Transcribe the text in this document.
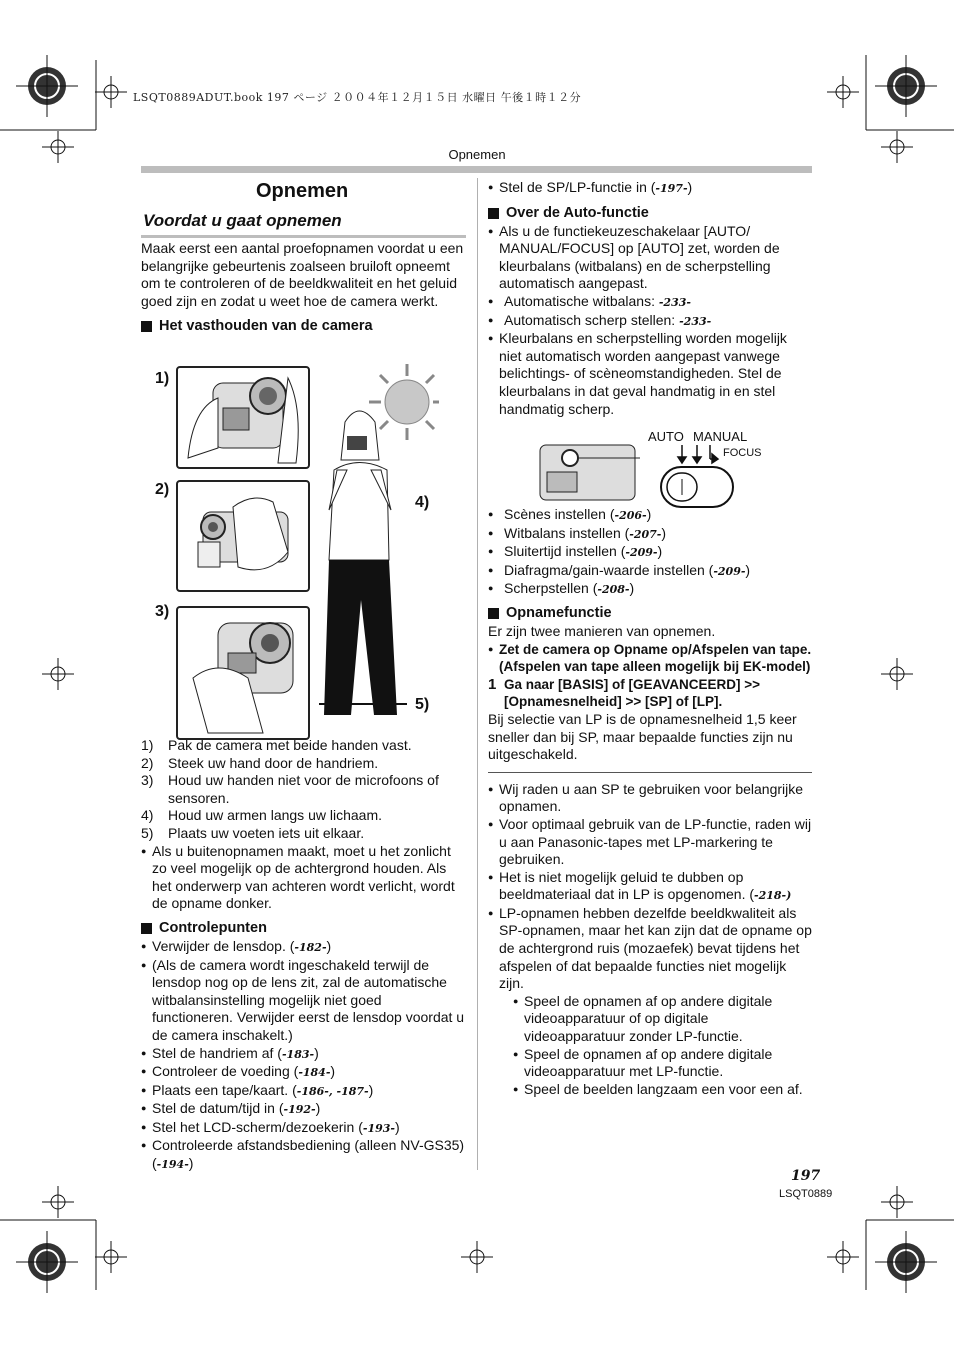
LSQT0889ADUT.book 197 ページ ２００４年１２月１５日 水曜日 午後１時１２分
Opnemen
Opnemen
Voordat u gaat opnemen

Maak eerst een aantal proefopnamen voordat u een belangrijke gebeurtenis zoalseen bruiloft opneemt om te controleren of de beeldkwaliteit en het geluid goed zijn en zodat u weet hoe de camera werkt.

Het vasthouden van de camera
1)
2)
3)
4)
5)
1) Pak de camera met beide handen vast.
2) Steek uw hand door de handriem.
3) Houd uw handen niet voor de microfoons of sensoren.
4) Houd uw armen langs uw lichaam.
5) Plaats uw voeten iets uit elkaar.
● Als u buitenopnamen maakt, moet u het zonlicht zo veel mogelijk op de achtergrond houden. Als het onderwerp van achteren wordt verlicht, wordt de opname donker.
Controlepunten
● Verwijder de lensdop. (-182-)
● (Als de camera wordt ingeschakeld terwijl de lensdop nog op de lens zit, zal de automatische witbalansinstelling mogelijk niet goed functioneren. Verwijder eerst de lensdop voordat u de camera inschakelt.)
● Stel de handriem af (-183-)
● Controleer de voeding (-184-)
● Plaats een tape/kaart. (-186-, -187-)
● Stel de datum/tijd in (-192-)
● Stel het LCD-scherm/dezoekerin (-193-)
● Controleerde afstandsbediening (alleen NV-GS35) (-194-)
● Stel de SP/LP-functie in (-197-)
Over de Auto-functie
● Als u de functiekeuzeschakelaar [AUTO/ MANUAL/FOCUS] op [AUTO] zet, worden de kleurbalans (witbalans) en de scherpstelling automatisch aangepast.
● Automatische witbalans: -233-
● Automatisch scherp stellen: -233-
● Kleurbalans en scherpstelling worden mogelijk niet automatisch worden aangepast vanwege belichtings- of scèneomstandigheden. Stel de kleurbalans in dat geval handmatig in en stel handmatig scherp.
AUTO MANUAL
FOCUS
● Scènes instellen (-206-)
● Witbalans instellen (-207-)
● Sluitertijd instellen (-209-)
● Diafragma/gain-waarde instellen (-209-)
● Scherpstellen (-208-)
Opnamefunctie
Er zijn twee manieren van opnemen.
● Zet de camera op Opname op/Afspelen van tape.
(Afspelen van tape alleen mogelijk bij EK-model)
1 Ga naar [BASIS] of [GEAVANCEERD] >> [Opnamesnelheid] >> [SP] of [LP].
Bij selectie van LP is de opnamesnelheid 1,5 keer sneller dan bij SP, maar bepaalde functies zijn nu uitgeschakeld.
● Wij raden u aan SP te gebruiken voor belangrijke opnamen.
● Voor optimaal gebruik van de LP-functie, raden wij u aan Panasonic-tapes met LP-markering te gebruiken.
● Het is niet mogelijk geluid te dubben op beeldmateriaal dat in LP is opgenomen. (-218-)
● LP-opnamen hebben dezelfde beeldkwaliteit als SP-opnamen, maar het kan zijn dat de opname op de achtergrond ruis (mozaefek) bevat tijdens het afspelen of dat bepaalde functies niet mogelijk zijn.
● Speel de opnamen af op andere digitale videoapparatuur of op digitale videoapparatuur zonder LP-functie.
● Speel de opnamen af op andere digitale videoapparatuur met LP-functie.
● Speel de beelden langzaam een voor een af.
197
LSQT0889
